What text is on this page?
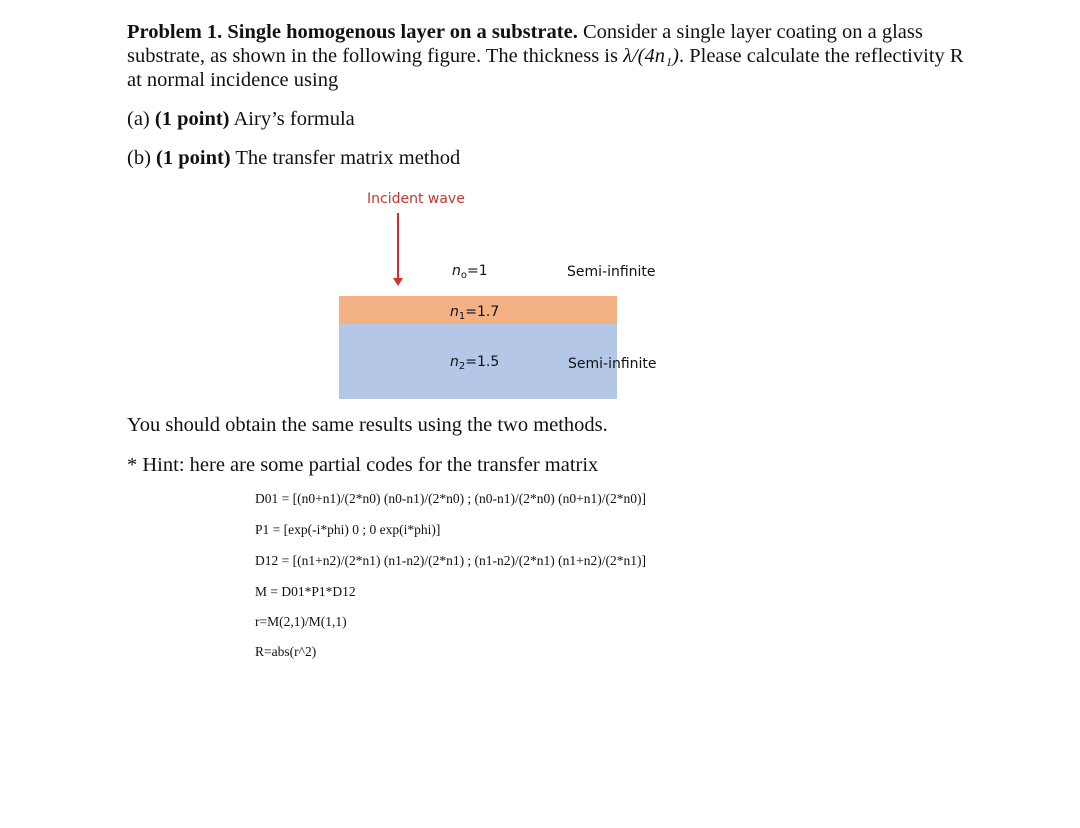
Problem 1. Single homogenous layer on a substrate. Consider a single layer coating on a glass substrate, as shown in the following figure. The thickness is λ/(4n₁). Please calculate the reflectivity R at normal incidence using
(a) (1 point) Airy’s formula
(b) (1 point) The transfer matrix method
Incident wave
$n_o=1$	Semi-infinite
$n_1=1.7$
$n_2=1.5$	Semi-infinite
You should obtain the same results using the two methods.
* Hint: here are some partial codes for the transfer matrix
D01 = [(n0+n1)/(2*n0) (n0-n1)/(2*n0) ; (n0-n1)/(2*n0) (n0+n1)/(2*n0)]
P1 = [exp(-i*phi) 0 ; 0 exp(i*phi)]
D12 = [(n1+n2)/(2*n1) (n1-n2)/(2*n1) ; (n1-n2)/(2*n1) (n1+n2)/(2*n1)]
M = D01*P1*D12
r=M(2,1)/M(1,1)
R=abs(r^2)
